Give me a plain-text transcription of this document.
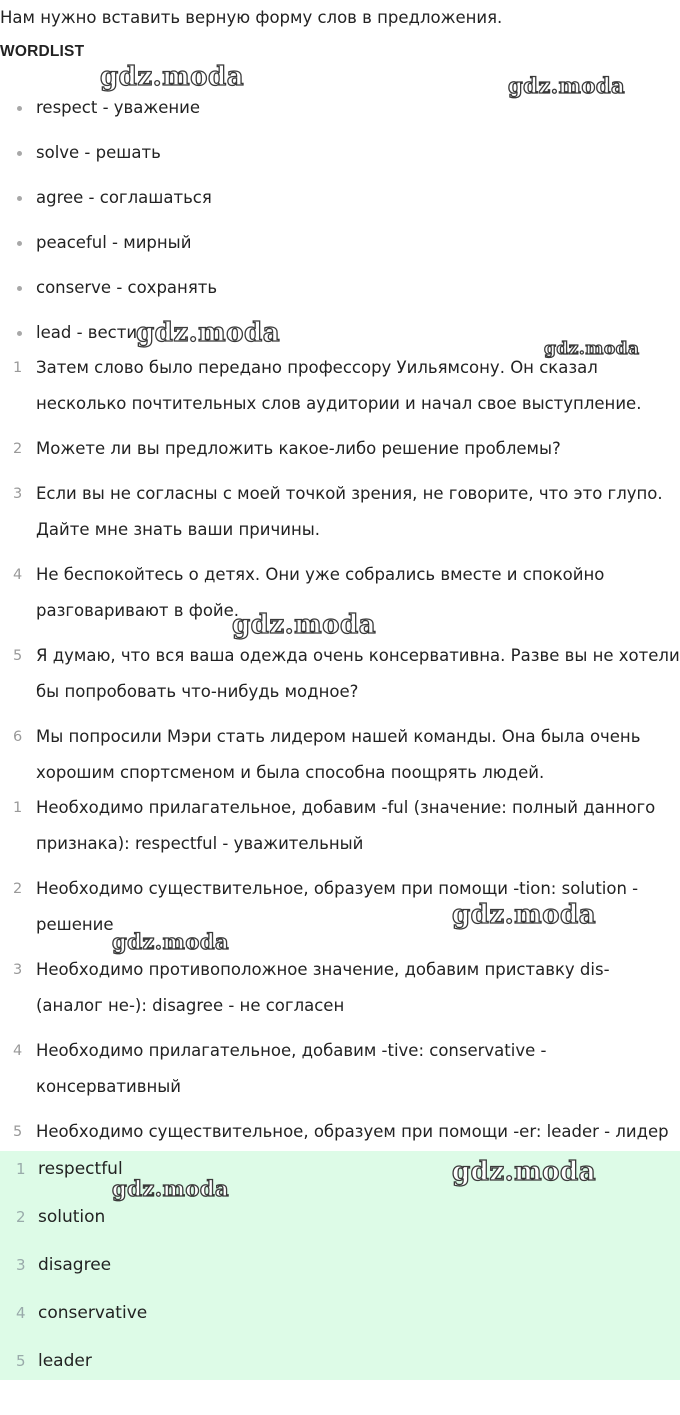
Нам нужно вставить верную форму слов в предложения.
WORDLIST
respect - уважение
solve - решать
agree - соглашаться
peaceful - мирный
conserve - сохранять
lead - вести
1 Затем слово было передано профессору Уильямсону. Он сказал несколько почтительных слов аудитории и начал свое выступление.
2 Можете ли вы предложить какое-либо решение проблемы?
3 Если вы не согласны с моей точкой зрения, не говорите, что это глупо. Дайте мне знать ваши причины.
4 Не беспокойтесь о детях. Они уже собрались вместе и спокойно разговаривают в фойе.
5 Я думаю, что вся ваша одежда очень консервативна. Разве вы не хотели бы попробовать что-нибудь модное?
6 Мы попросили Мэри стать лидером нашей команды. Она была очень хорошим спортсменом и была способна поощрять людей.
1 Необходимо прилагательное, добавим -ful (значение: полный данного признака): respectful - уважительный
2 Необходимо существительное, образуем при помощи -tion: solution - решение
3 Необходимо противоположное значение, добавим приставку dis- (аналог не-): disagree - не согласен
4 Необходимо прилагательное, добавим -tive: conservative - консервативный
5 Необходимо существительное, образуем при помощи -er: leader - лидер
1 respectful
2 solution
3 disagree
4 conservative
5 leader
gdz.moda	gdz.moda
gdz.moda
gdz.moda
gdz.moda
gdz.moda
gdz.moda
gdz.moda
gdz.moda
